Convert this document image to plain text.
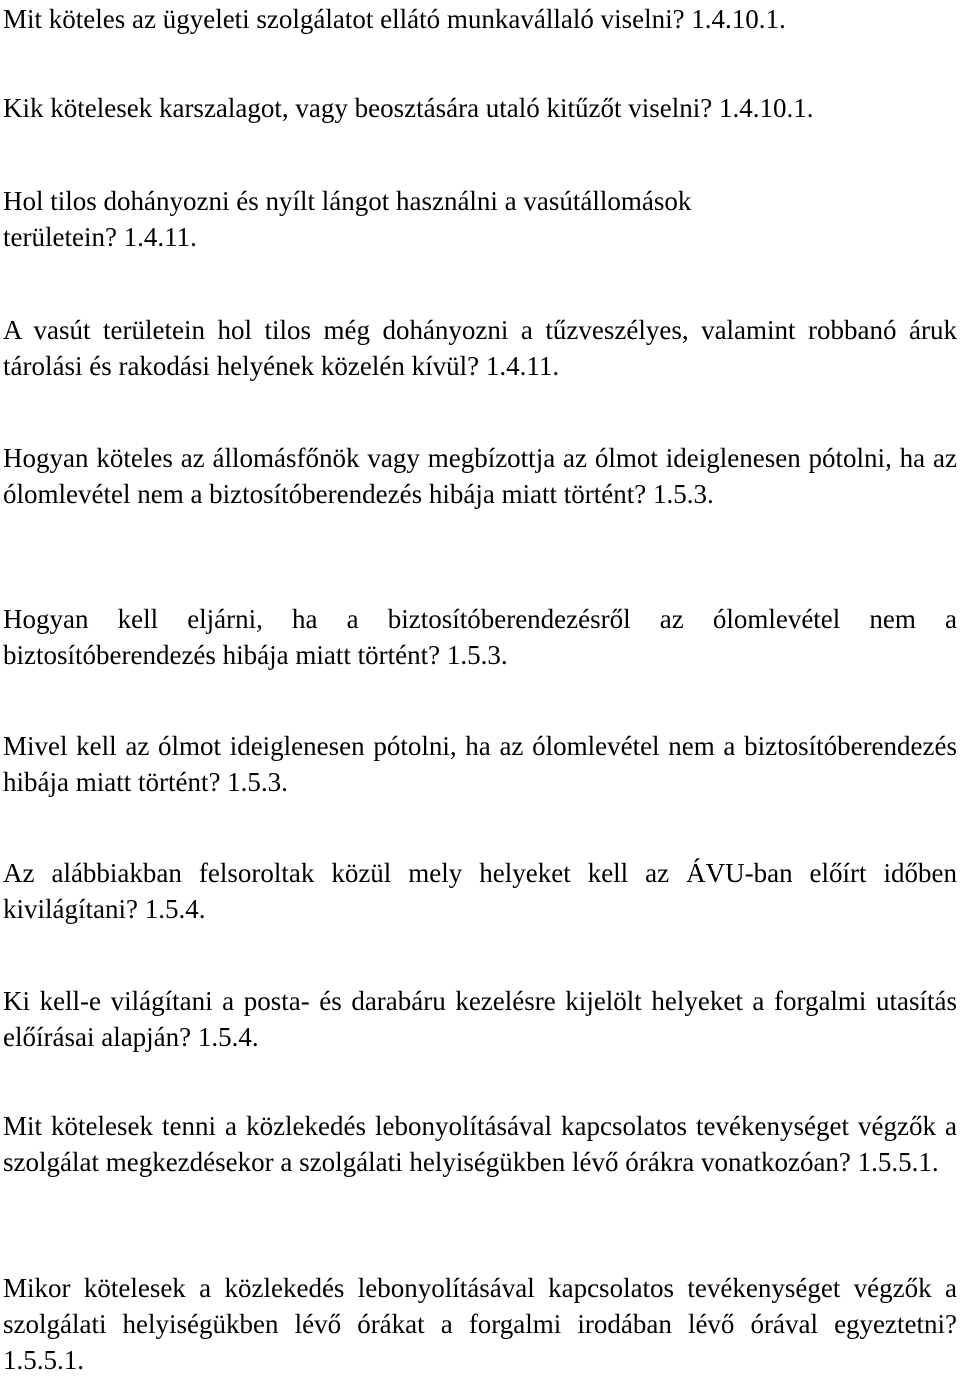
Mit köteles az ügyeleti szolgálatot ellátó munkavállaló viselni? 1.4.10.1.

Kik kötelesek karszalagot, vagy beosztására utaló kitűzőt viselni? 1.4.10.1.

Hol tilos dohányozni és nyílt lángot használni a vasútállomások területein? 1.4.11.

A vasút területein hol tilos még dohányozni a tűzveszélyes, valamint robbanó áruk tárolási és rakodási helyének közelén kívül? 1.4.11.

Hogyan köteles az állomásfőnök vagy megbízottja az ólmot ideiglenesen pótolni, ha az ólomlevétel nem a biztosítóberendezés hibája miatt történt? 1.5.3.

Hogyan kell eljárni, ha a biztosítóberendezésről az ólomlevétel nem a biztosítóberendezés hibája miatt történt? 1.5.3.

Mivel kell az ólmot ideiglenesen pótolni, ha az ólomlevétel nem a biztosítóberendezés hibája miatt történt? 1.5.3.

Az alábbiakban felsoroltak közül mely helyeket kell az ÁVU-ban előírt időben kivilágítani? 1.5.4.

Ki kell-e világítani a posta- és darabáru kezelésre kijelölt helyeket a forgalmi utasítás előírásai alapján? 1.5.4.

Mit kötelesek tenni a közlekedés lebonyolításával kapcsolatos tevékenységet végzők a szolgálat megkezdésekor a szolgálati helyiségükben lévő órákra vonatkozóan? 1.5.5.1.

Mikor kötelesek a közlekedés lebonyolításával kapcsolatos tevékenységet végzők a szolgálati helyiségükben lévő órákat a forgalmi irodában lévő órával egyeztetni? 1.5.5.1.
